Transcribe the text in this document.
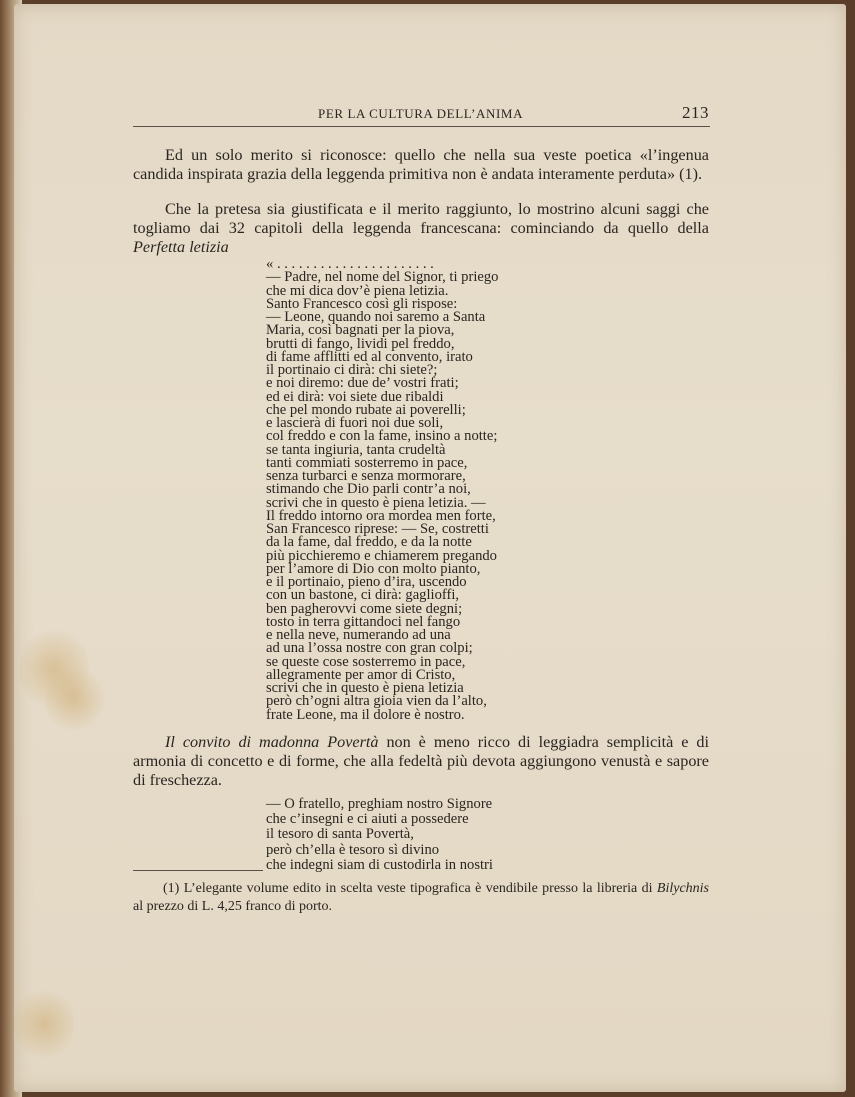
PER LA CULTURA DELL’ANIMA	213
Ed un solo merito si riconosce: quello che nella sua veste poetica «l’ingenua candida inspirata grazia della leggenda primitiva non è andata interamente perduta» (1).
Che la pretesa sia giustificata e il merito raggiunto, lo mostrino alcuni saggi che togliamo dai 32 capitoli della leggenda francescana: cominciando da quello della Perfetta letizia
« . . . . . . . . . . . . . . . . . . . . . .
— Padre, nel nome del Signor, ti priego
che mi dica dov’è piena letizia.
Santo Francesco così gli rispose:
— Leone, quando noi saremo a Santa
Maria, così bagnati per la piova,
brutti di fango, lividi pel freddo,
di fame afflitti ed al convento, irato
il portinaio ci dirà: chi siete?;
e noi diremo: due de’ vostri frati;
ed ei dirà: voi siete due ribaldi
che pel mondo rubate ai poverelli;
e lascierà di fuori noi due soli,
col freddo e con la fame, insino a notte;
se tanta ingiuria, tanta crudeltà
tanti commiati sosterremo in pace,
senza turbarci e senza mormorare,
stimando che Dio parli contr’a noi,
scrivi che in questo è piena letizia. —
Il freddo intorno ora mordea men forte,
San Francesco riprese: — Se, costretti
da la fame, dal freddo, e da la notte
più picchieremo e chiamerem pregando
per l’amore di Dio con molto pianto,
e il portinaio, pieno d’ira, uscendo
con un bastone, ci dirà: gaglioffi,
ben pagherovvi come siete degni;
tosto in terra gittandoci nel fango
e nella neve, numerando ad una
ad una l’ossa nostre con gran colpi;
se queste cose sosterremo in pace,
allegramente per amor di Cristo,
scrivi che in questo è piena letizia
però ch’ogni altra gioia vien da l’alto,
frate Leone, ma il dolore è nostro.
Il convito di madonna Povertà non è meno ricco di leggiadra semplicità e di armonia di concetto e di forme, che alla fedeltà più devota aggiungono venustà e sapore di freschezza.
— O fratello, preghiam nostro Signore
che c’insegni e ci aiuti a possedere
il tesoro di santa Povertà,
però ch’ella è tesoro sì divino
che indegni siam di custodirla in nostri
(1) L’elegante volume edito in scelta veste tipografica è vendibile presso la libreria di Bilychnis al prezzo di L. 4,25 franco di porto.
